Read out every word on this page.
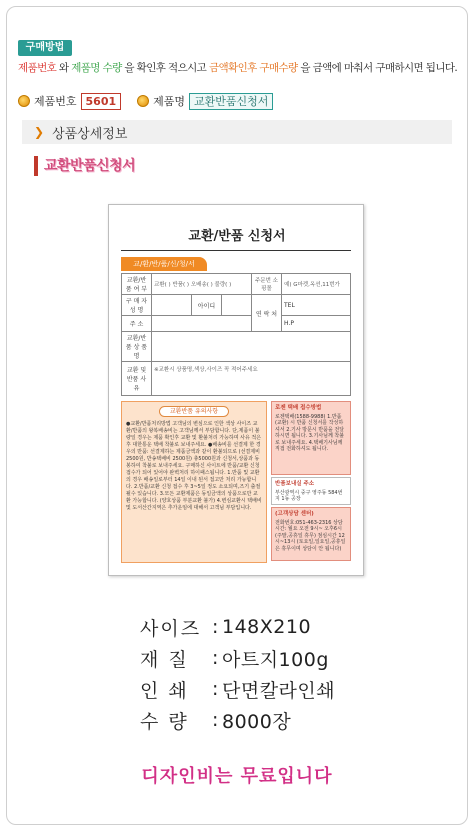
구매방법
제품번호 와 제품명 수량 을 확인후 적으시고 금액확인후 구매수량 을 금액에 마춰서 구매하시면 됩니다.
제품번호 5601	제품명 교환반품신청서
❯ 상품상세정보
교환반품신청서
교환/반품 신청서
교/환/반/품/신/청/서
교환/반품 여 부	교환( ) 반품( ) 오배송( ) 불량( )			주문번 소핑몰	예) G마켓,옥션,11번가
구 매 자 성 명		아이디		연 락 처	TEL
주 소					H.P
교환/반품 상 품 명					
교환 및 반품 사유	※교환시 상품명,색상,사이즈 꼭 적어주세요				
교환반품 유의사항
●교환/반품처리방법 고객님의 변심으로 인한 색상 사이즈 교환/반품의 왕복배송비는 고객님께서 부담합니다. 단,제품이 불량일 경우는 제품 확인후 교환 및 환불처리 가능하며 사유 적은 후 대한통운 택배 착불로 보내주세요. ●배송비를 선결제 한 경우의 반품: 선결제하는 제품금액과 같이 환불되므로 (선결제비2500원, 반송택배비 2500원) 총5000원과 신청서,상품과 동봉하여 착불로 보내주세요. 구매하신 사이트에 반품/교환 신청접수가 되어 있어야 완벽처리 하이패스됩니다. 1.반품 및 교환의 경우 배송일로부터 14일 이내 된서 접고만 처리 가능합니다. 2.반품/교환 신청 접수 후 3~5일 정도 소요되며,즈기 출절될수 있습니다. 3.모든 교환제품은 동일금액의 상품으로만 교환 가능합니다. (양호상품 부분교환 불가) 4.변심교환시 택배비 및 도서산간지역은 추가운임에 대해서 고객님 부담입니다.
로젠 택배 접수방법
로젠택배(1588-9988) 1.반품(교환) 시 반품 신청서를 작성하셔서 2.기사 방문시 반품을 전달하시면 됩니다. 3.기사님께 착불로 보내주세요. 4.택배기사님께 직접 전화하셔도 됩니다.
반품보내실 주소
부산광역시 중구 영주동 584번지 1동 공장
(고객상담 센터)
전화번호:051-463-2316 상담시간: 월요 오전 9시~ 오후6시(주말,공휴일 휴무) 점심시간 12시~13시 (토요일,일요일,공휴일은 휴무이며 상담이 안 됩니다)
사이즈 : 148X210
재 질	: 아트지100g
인 쇄	: 단면칼라인쇄
수 량	: 8000장
디자인비는 무료입니다
